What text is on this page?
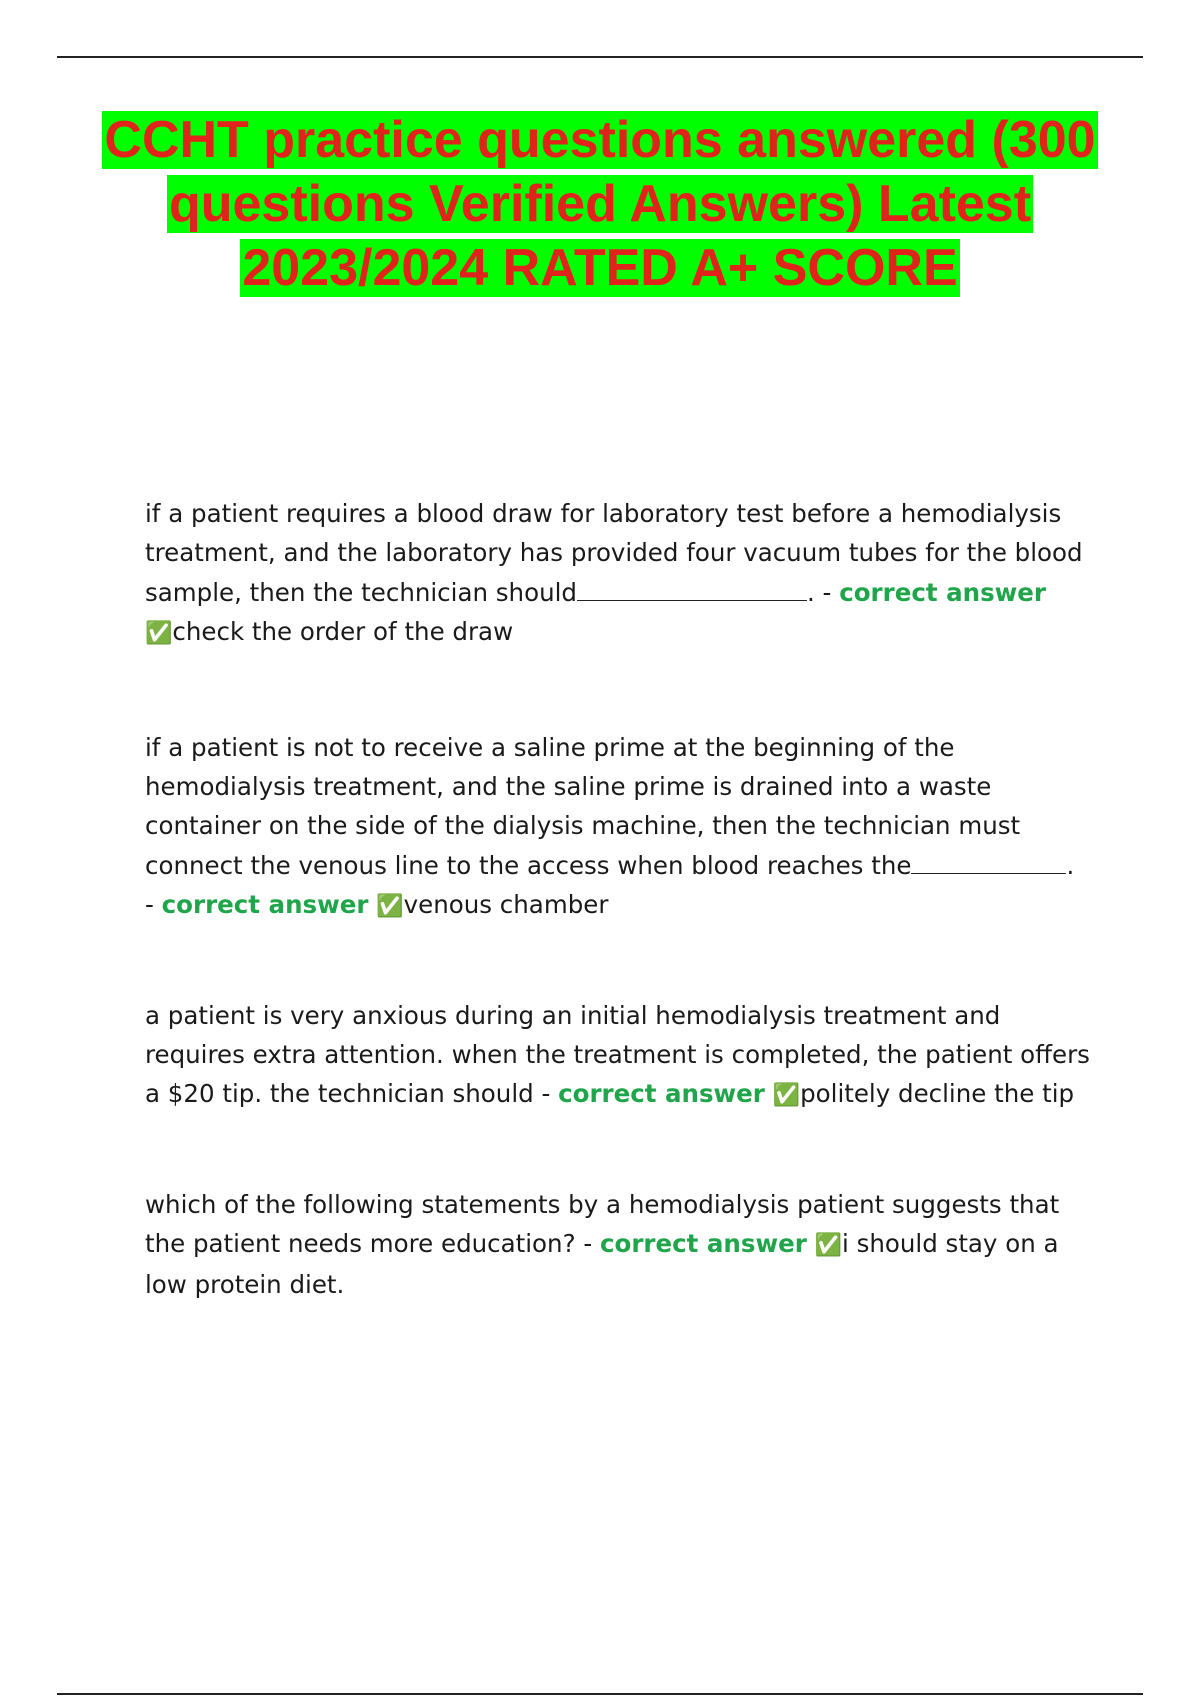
CCHT practice questions answered (300
questions Verified Answers) Latest
2023/2024 RATED A+ SCORE

if a patient requires a blood draw for laboratory test before a hemodialysis treatment, and the laboratory has provided four vacuum tubes for the blood sample, then the technician should	. - correct answer
✅check the order of the draw

if a patient is not to receive a saline prime at the beginning of the hemodialysis treatment, and the saline prime is drained into a waste container on the side of the dialysis machine, then the technician must connect the venous line to the access when blood reaches the	. - correct answer ✅venous chamber

a patient is very anxious during an initial hemodialysis treatment and requires extra attention. when the treatment is completed, the patient offers a $20 tip. the technician should - correct answer ✅politely decline the tip

which of the following statements by a hemodialysis patient suggests that the patient needs more education? - correct answer ✅i should stay on a low protein diet.
